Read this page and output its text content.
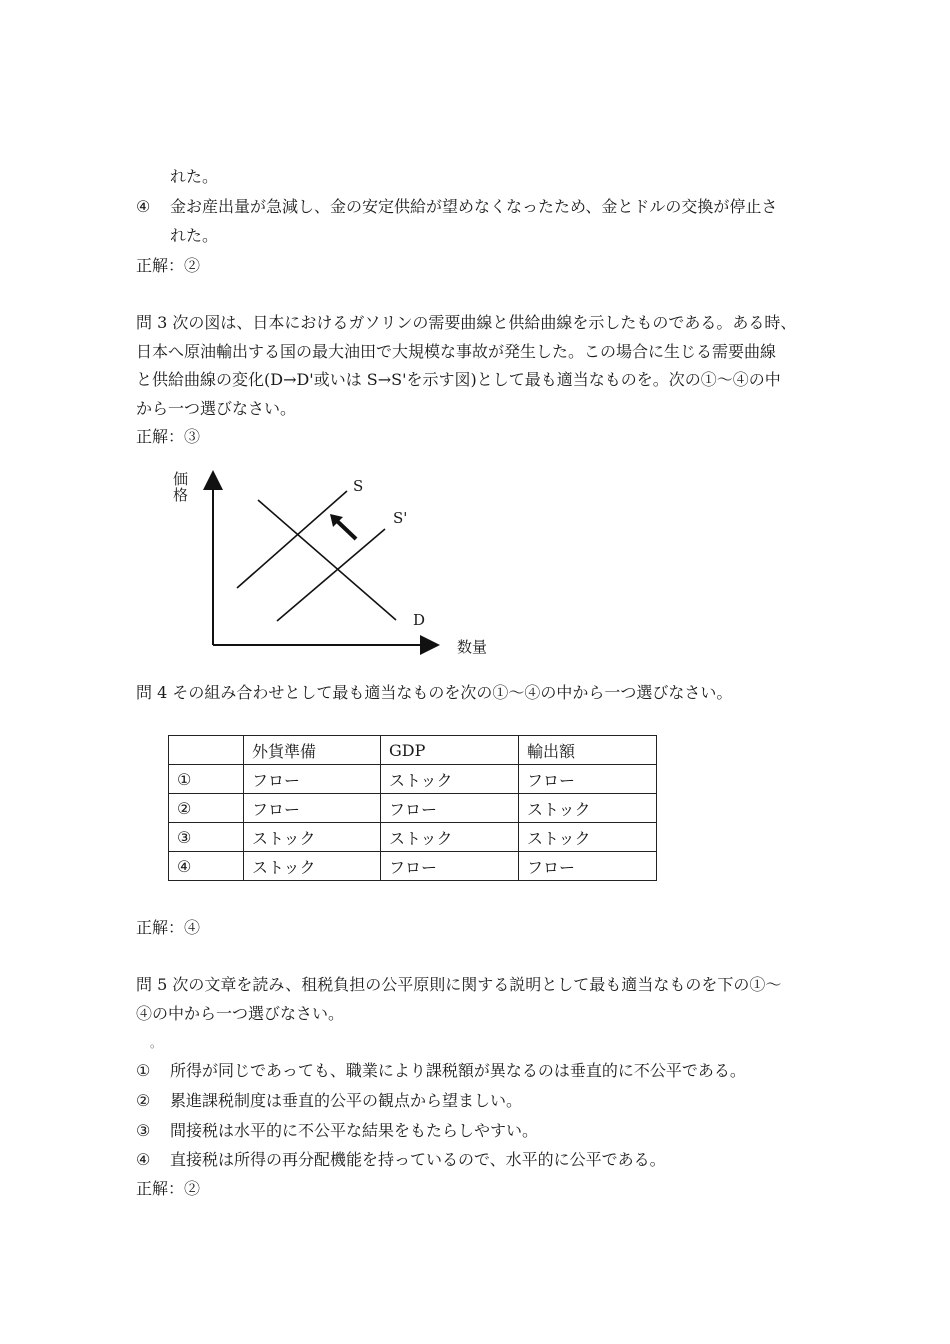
れた。
④ 金お産出量が急減し、金の安定供給が望めなくなったため、金とドルの交換が停止さ
れた。
正解：②
問 3 次の図は、日本におけるガソリンの需要曲線と供給曲線を示したものである。ある時、
日本へ原油輸出する国の最大油田で大規模な事故が発生した。この場合に生じる需要曲線
と供給曲線の変化(D→D'或いは S→S'を示す図)として最も適当なものを。次の①～④の中
から一つ選びなさい。
正解：③
価
格
数量
S
S'
D
問 4 その組み合わせとして最も適当なものを次の①～④の中から一つ選びなさい。
	外貨準備	GDP	輸出額
①	フロー	ストック	フロー
②	フロー	フロー	ストック
③	ストック	ストック	ストック
④	ストック	フロー	フロー
正解：④
問 5 次の文章を読み、租税負担の公平原則に関する説明として最も適当なものを下の①～
④の中から一つ選びなさい。
。
① 所得が同じであっても、職業により課税額が異なるのは垂直的に不公平である。
② 累進課税制度は垂直的公平の観点から望ましい。
③ 間接税は水平的に不公平な結果をもたらしやすい。
④ 直接税は所得の再分配機能を持っているので、水平的に公平である。
正解：②
